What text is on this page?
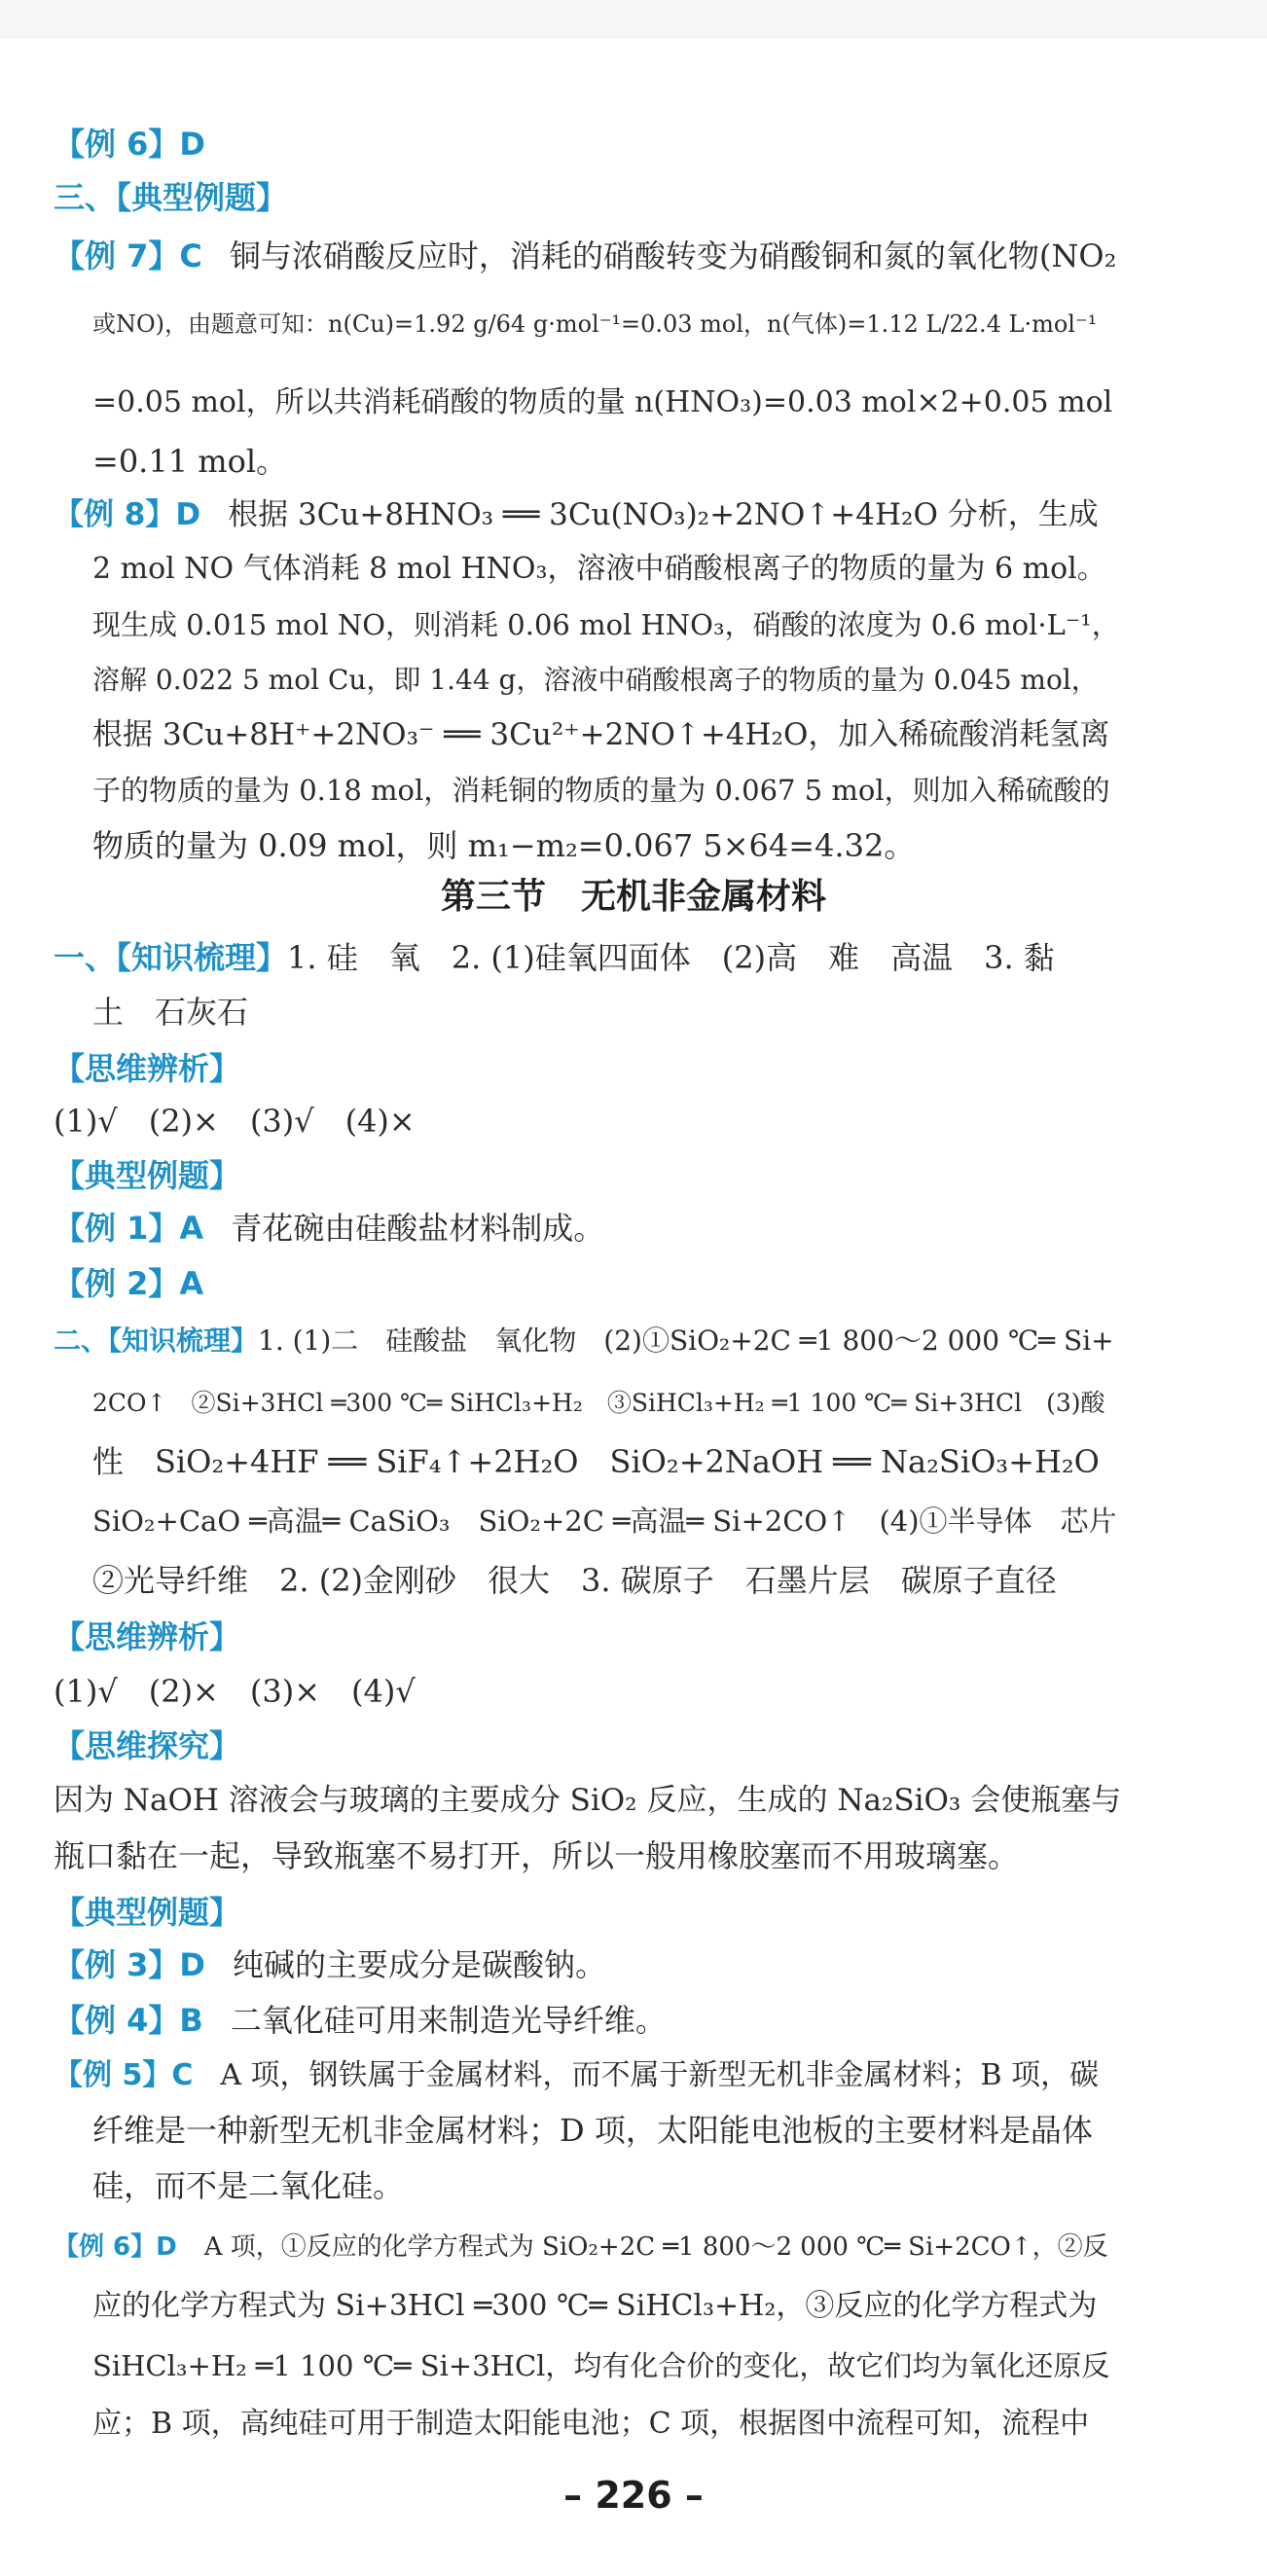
【例 6】D
三、【典型例题】
【例 7】C 铜与浓硝酸反应时，消耗的硝酸转变为硝酸铜和氮的氧化物(NO₂
或NO)，由题意可知：n(Cu)=1.92 g/64 g·mol⁻¹=0.03 mol，n(气体)=1.12 L/22.4 L·mol⁻¹
=0.05 mol，所以共消耗硝酸的物质的量 n(HNO₃)=0.03 mol×2+0.05 mol
=0.11 mol。
【例 8】D 根据 3Cu+8HNO₃ ══ 3Cu(NO₃)₂+2NO↑+4H₂O 分析，生成
2 mol NO 气体消耗 8 mol HNO₃，溶液中硝酸根离子的物质的量为 6 mol。
现生成 0.015 mol NO，则消耗 0.06 mol HNO₃，硝酸的浓度为 0.6 mol·L⁻¹，
溶解 0.022 5 mol Cu，即 1.44 g，溶液中硝酸根离子的物质的量为 0.045 mol，
根据 3Cu+8H⁺+2NO₃⁻ ══ 3Cu²⁺+2NO↑+4H₂O，加入稀硫酸消耗氢离
子的物质的量为 0.18 mol，消耗铜的物质的量为 0.067 5 mol，则加入稀硫酸的
物质的量为 0.09 mol，则 m₁−m₂=0.067 5×64=4.32。
第三节　无机非金属材料
一、【知识梳理】1. 硅　氧　2. (1)硅氧四面体　(2)高　难　高温　3. 黏
土　石灰石
【思维辨析】
(1)√　(2)×　(3)√　(4)×
【典型例题】
【例 1】A 青花碗由硅酸盐材料制成。
【例 2】A
二、【知识梳理】1. (1)二　硅酸盐　氧化物　(2)①SiO₂+2C ═1 800～2 000 ℃═ Si+
2CO↑　②Si+3HCl ═300 ℃═ SiHCl₃+H₂　③SiHCl₃+H₂ ═1 100 ℃═ Si+3HCl　(3)酸
性　SiO₂+4HF ══ SiF₄↑+2H₂O　SiO₂+2NaOH ══ Na₂SiO₃+H₂O
SiO₂+CaO ═高温═ CaSiO₃　SiO₂+2C ═高温═ Si+2CO↑　(4)①半导体　芯片
②光导纤维　2. (2)金刚砂　很大　3. 碳原子　石墨片层　碳原子直径
【思维辨析】
(1)√　(2)×　(3)×　(4)√
【思维探究】
因为 NaOH 溶液会与玻璃的主要成分 SiO₂ 反应，生成的 Na₂SiO₃ 会使瓶塞与
瓶口黏在一起，导致瓶塞不易打开，所以一般用橡胶塞而不用玻璃塞。
【典型例题】
【例 3】D 纯碱的主要成分是碳酸钠。
【例 4】B 二氧化硅可用来制造光导纤维。
【例 5】C A 项，钢铁属于金属材料，而不属于新型无机非金属材料；B 项，碳
纤维是一种新型无机非金属材料；D 项，太阳能电池板的主要材料是晶体
硅，而不是二氧化硅。
【例 6】D A 项，①反应的化学方程式为 SiO₂+2C ═1 800～2 000 ℃═ Si+2CO↑，②反
应的化学方程式为 Si+3HCl ═300 ℃═ SiHCl₃+H₂，③反应的化学方程式为
SiHCl₃+H₂ ═1 100 ℃═ Si+3HCl，均有化合价的变化，故它们均为氧化还原反
应；B 项，高纯硅可用于制造太阳能电池；C 项，根据图中流程可知，流程中
– 226 –
